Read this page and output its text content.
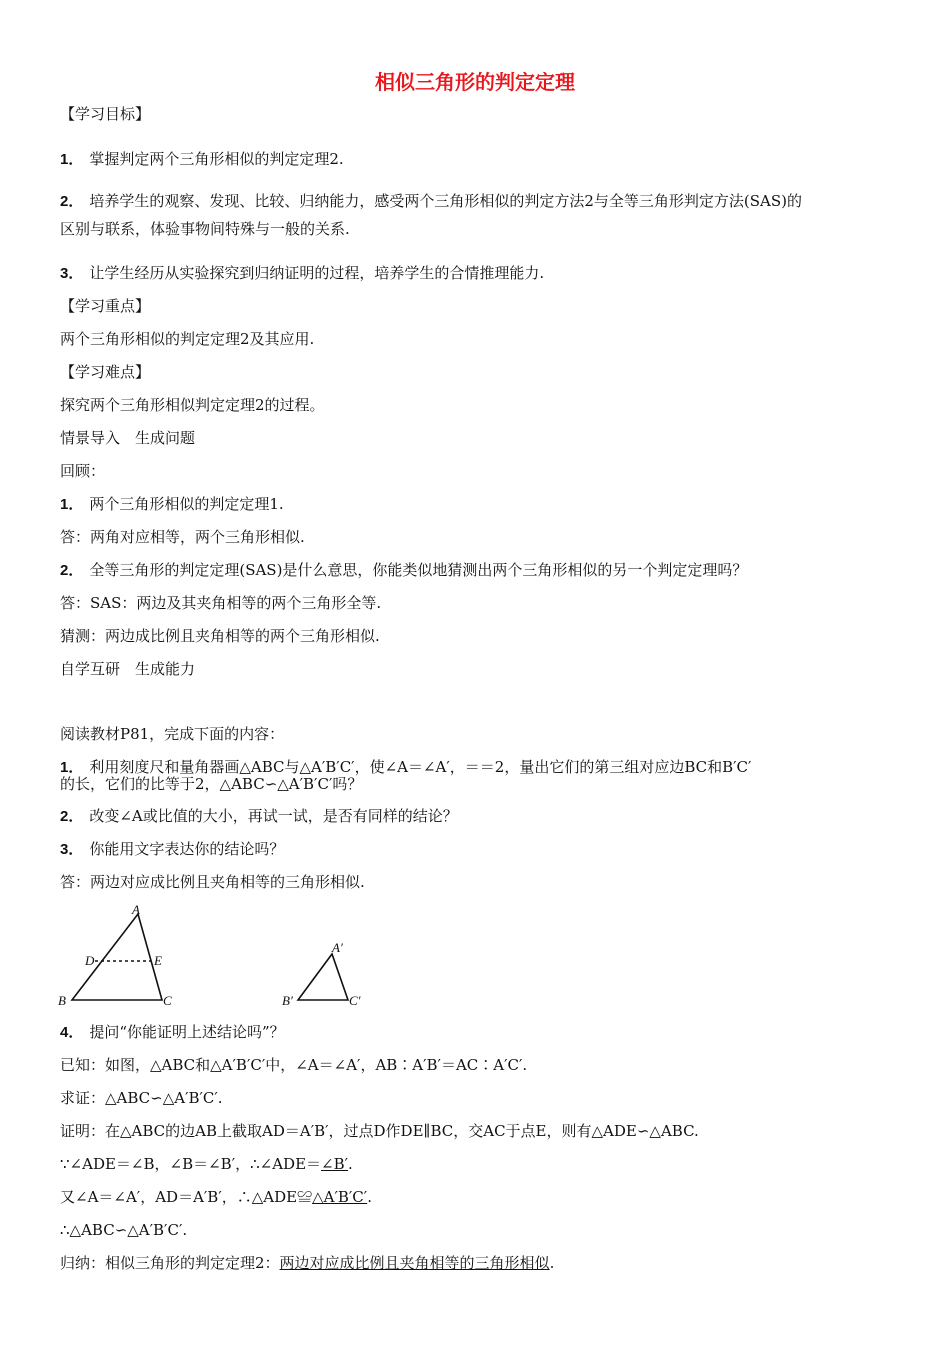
相似三角形的判定定理
【学习目标】
1． 掌握判定两个三角形相似的判定定理2.
2． 培养学生的观察、发现、比较、归纳能力，感受两个三角形相似的判定方法2与全等三角形判定方法(SAS)的
区别与联系，体验事物间特殊与一般的关系.
3． 让学生经历从实验探究到归纳证明的过程，培养学生的合情推理能力.
【学习重点】
两个三角形相似的判定定理2及其应用.
【学习难点】
探究两个三角形相似判定定理2的过程。
情景导入　生成问题
回顾：
1． 两个三角形相似的判定定理1.
答：两角对应相等，两个三角形相似.
2． 全等三角形的判定定理(SAS)是什么意思，你能类似地猜测出两个三角形相似的另一个判定定理吗？
答：SAS：两边及其夹角相等的两个三角形全等.
猜测：两边成比例且夹角相等的两个三角形相似.
自学互研　生成能力
阅读教材P81，完成下面的内容：
1． 利用刻度尺和量角器画△ABC与△A′B′C′，使∠A＝∠A′，＝＝2，量出它们的第三组对应边BC和B′C′
的长，它们的比等于2，△ABC∽△A′B′C′吗？
2． 改变∠A或比值的大小，再试一试，是否有同样的结论？
3． 你能用文字表达你的结论吗？
答：两边对应成比例且夹角相等的三角形相似.
A
B	C
D	E
A′
B′	C′
4． 提问“你能证明上述结论吗”？
已知：如图，△ABC和△A′B′C′中，∠A＝∠A′，AB∶A′B′＝AC∶A′C′.
求证：△ABC∽△A′B′C′.
证明：在△ABC的边AB上截取AD＝A′B′，过点D作DE∥BC，交AC于点E，则有△ADE∽△ABC.
∵∠ADE＝∠B，∠B＝∠B′，∴∠ADE＝∠B′.
又∠A＝∠A′，AD＝A′B′，∴△ADE≌△A′B′C′.
∴△ABC∽△A′B′C′.
归纳：相似三角形的判定定理2：两边对应成比例且夹角相等的三角形相似.
